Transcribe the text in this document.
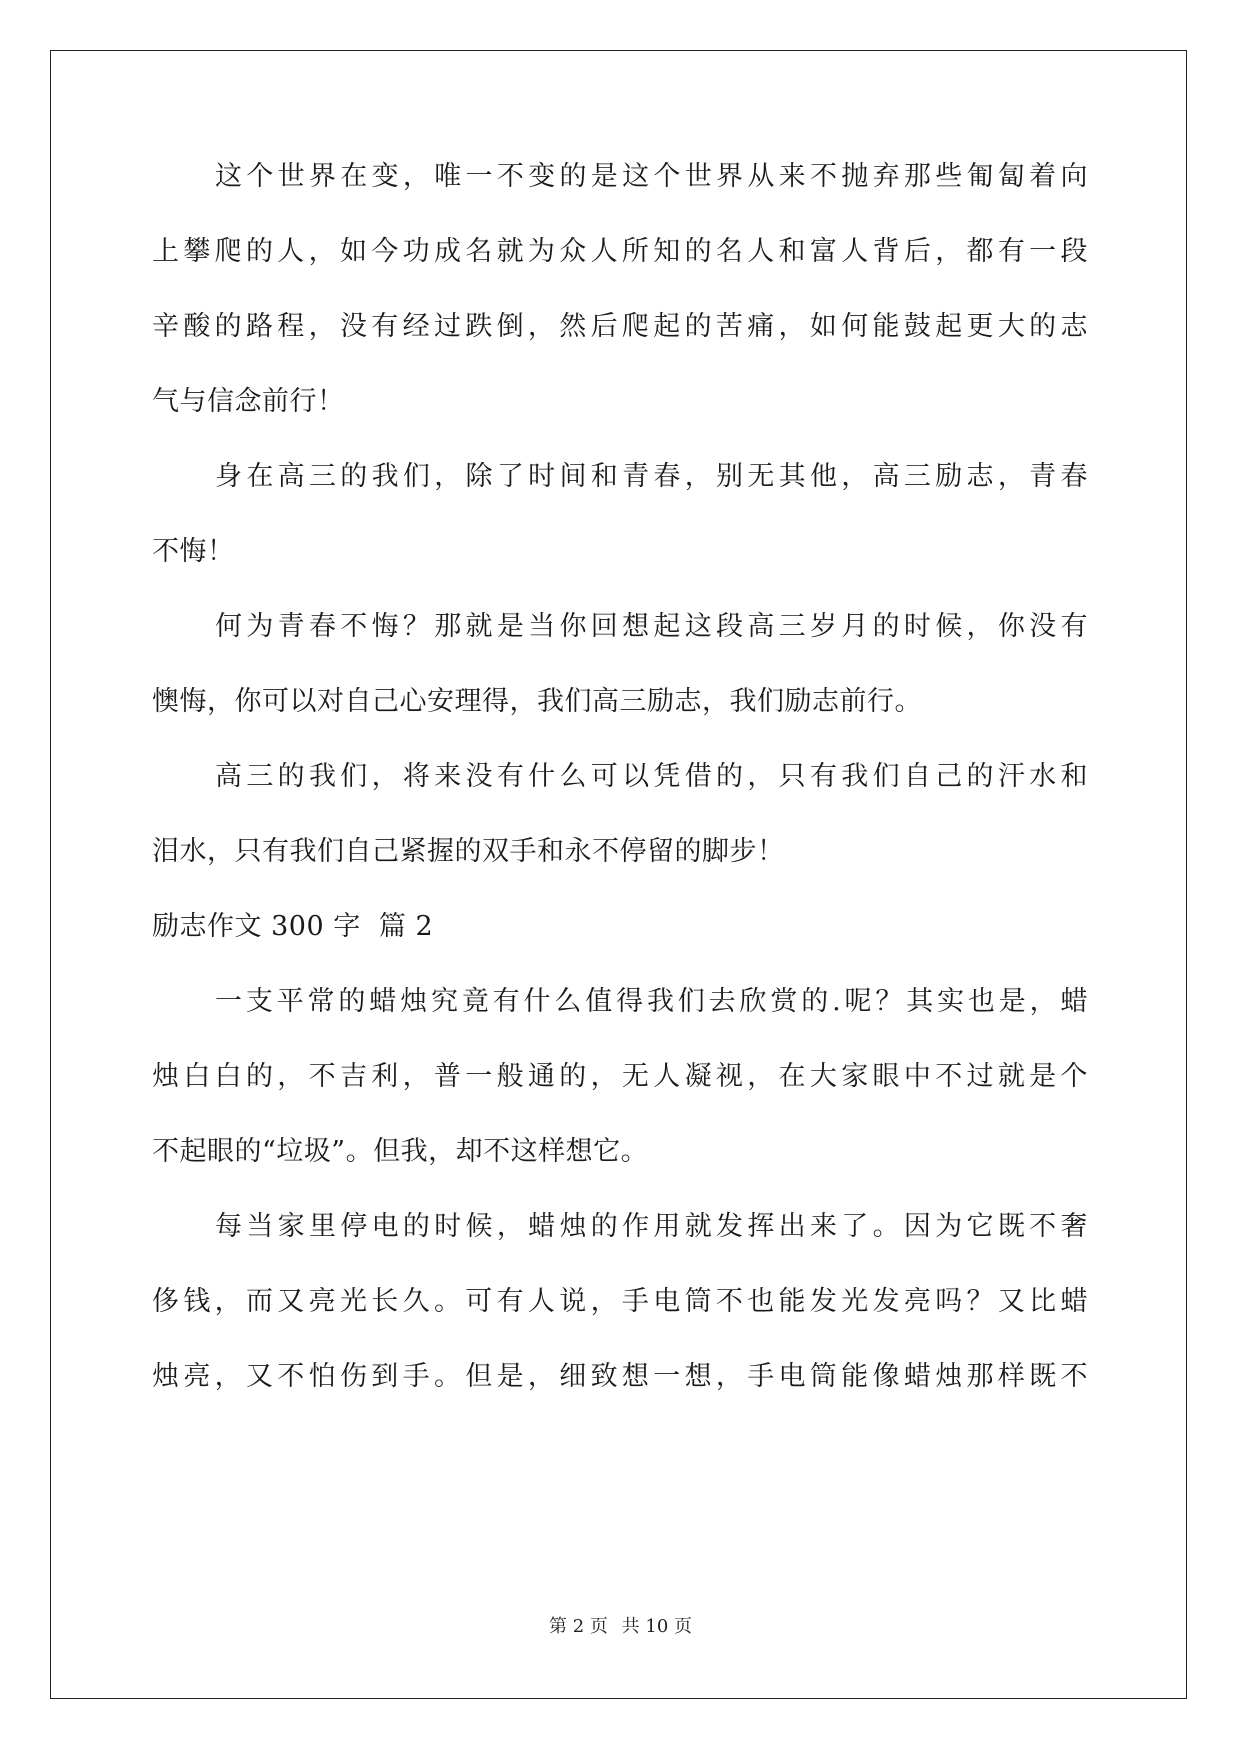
这个世界在变，唯一不变的是这个世界从来不抛弃那些匍匐着向
上攀爬的人，如今功成名就为众人所知的名人和富人背后，都有一段
辛酸的路程，没有经过跌倒，然后爬起的苦痛，如何能鼓起更大的志
气与信念前行！
身在高三的我们，除了时间和青春，别无其他，高三励志，青春
不悔！
何为青春不悔？那就是当你回想起这段高三岁月的时候，你没有
懊悔，你可以对自己心安理得，我们高三励志，我们励志前行。
高三的我们，将来没有什么可以凭借的，只有我们自己的汗水和
泪水，只有我们自己紧握的双手和永不停留的脚步！
励志作文 300 字  篇 2
一支平常的蜡烛究竟有什么值得我们去欣赏的.呢？其实也是，蜡
烛白白的，不吉利，普一般通的，无人凝视，在大家眼中不过就是个
不起眼的“垃圾”。但我，却不这样想它。
每当家里停电的时候，蜡烛的作用就发挥出来了。因为它既不奢
侈钱，而又亮光长久。可有人说，手电筒不也能发光发亮吗？又比蜡
烛亮，又不怕伤到手。但是，细致想一想，手电筒能像蜡烛那样既不
第 2 页 共 10 页
